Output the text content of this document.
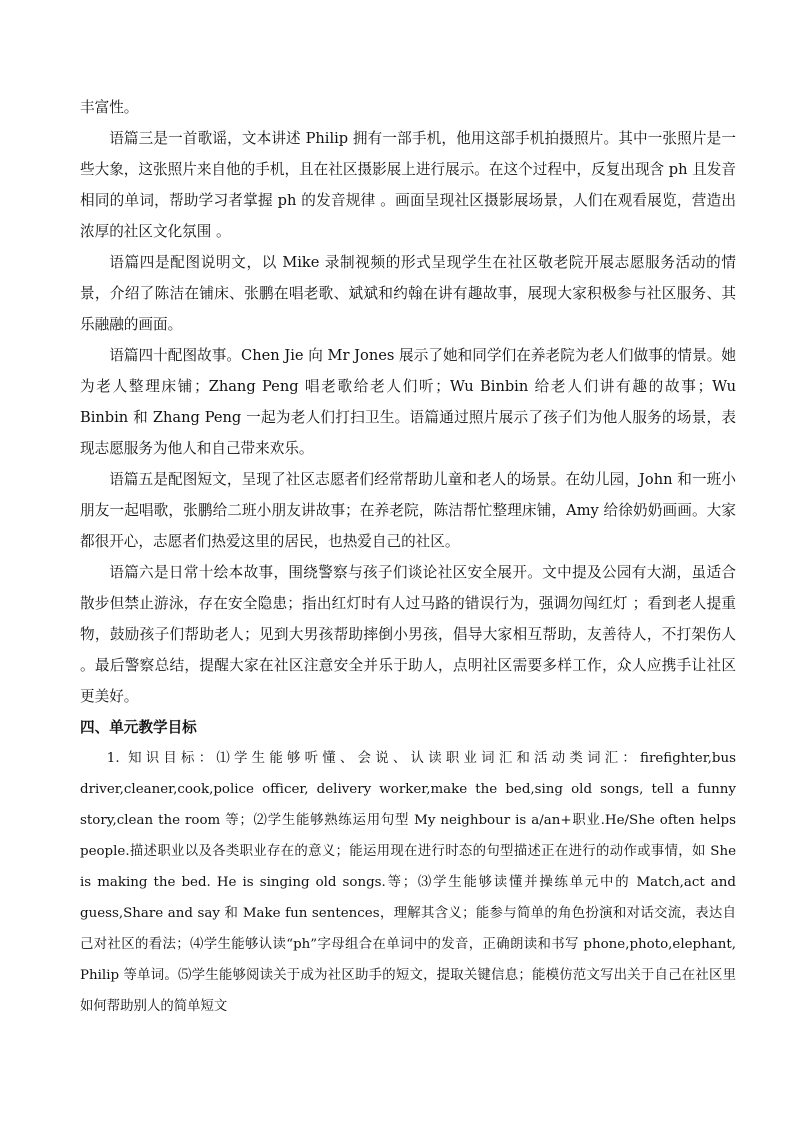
丰富性。

语篇三是一首歌谣，文本讲述 Philip 拥有一部手机，他用这部手机拍摄照片。其中一张照片是一些大象，这张照片来自他的手机，且在社区摄影展上进行展示。在这个过程中，反复出现含 ph 且发音相同的单词，帮助学习者掌握 ph 的发音规律 。画面呈现社区摄影展场景，人们在观看展览，营造出浓厚的社区文化氛围 。

语篇四是配图说明文，以 Mike 录制视频的形式呈现学生在社区敬老院开展志愿服务活动的情景，介绍了陈洁在铺床、张鹏在唱老歌、斌斌和约翰在讲有趣故事，展现大家积极参与社区服务、其乐融融的画面。

语篇四十配图故事。Chen Jie 向 Mr Jones 展示了她和同学们在养老院为老人们做事的情景。她为老人整理床铺；Zhang Peng 唱老歌给老人们听；Wu Binbin 给老人们讲有趣的故事；Wu Binbin 和 Zhang Peng 一起为老人们打扫卫生。语篇通过照片展示了孩子们为他人服务的场景，表现志愿服务为他人和自己带来欢乐。

语篇五是配图短文，呈现了社区志愿者们经常帮助儿童和老人的场景。在幼儿园，John 和一班小朋友一起唱歌，张鹏给二班小朋友讲故事；在养老院，陈洁帮忙整理床铺，Amy 给徐奶奶画画。大家都很开心，志愿者们热爱这里的居民，也热爱自己的社区。

语篇六是日常十绘本故事，围绕警察与孩子们谈论社区安全展开。文中提及公园有大湖，虽适合散步但禁止游泳，存在安全隐患；指出红灯时有人过马路的错误行为，强调勿闯红灯 ；看到老人提重物，鼓励孩子们帮助老人；见到大男孩帮助摔倒小男孩，倡导大家相互帮助，友善待人，不打架伤人 。最后警察总结，提醒大家在社区注意安全并乐于助人，点明社区需要多样工作，众人应携手让社区更美好。

四、单元教学目标

1. 知识目标：⑴学生能够听懂、会说、认读职业词汇和活动类词汇：firefighter,bus driver,cleaner,cook,police officer, delivery worker,make the bed,sing old songs, tell a funny story,clean the room 等；⑵学生能够熟练运用句型 My neighbour is a/an+职业.He/She often helps people.描述职业以及各类职业存在的意义；能运用现在进行时态的句型描述正在进行的动作或事情，如 She is making the bed. He is singing old songs.等；⑶学生能够读懂并操练单元中的 Match,act and guess,Share and say 和 Make fun sentences，理解其含义；能参与简单的角色扮演和对话交流，表达自己对社区的看法；⑷学生能够认读“ph”字母组合在单词中的发音，正确朗读和书写 phone,photo,elephant, Philip 等单词。⑸学生能够阅读关于成为社区助手的短文，提取关键信息；能模仿范文写出关于自己在社区里如何帮助别人的简单短文
